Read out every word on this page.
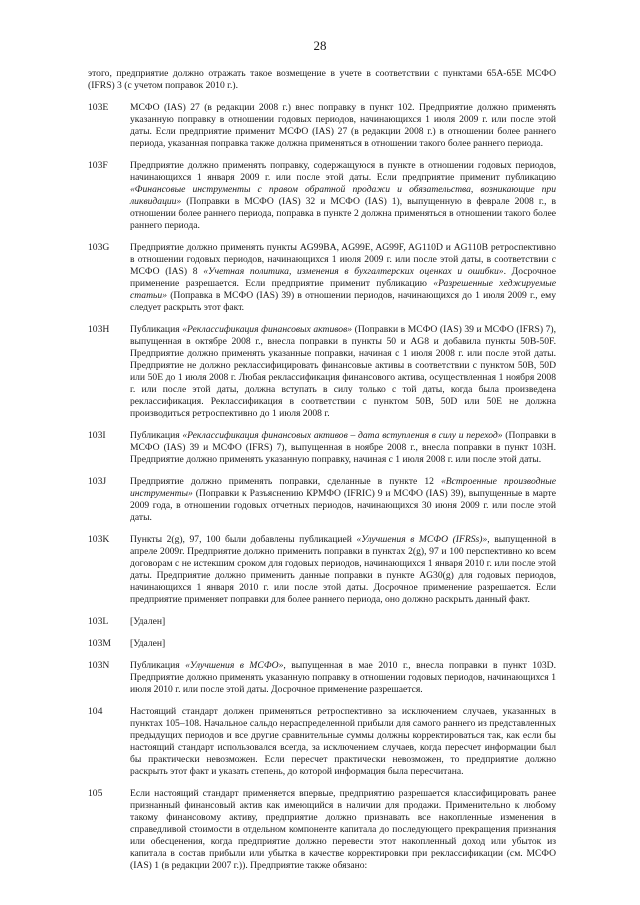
28
этого, предприятие должно отражать такое возмещение в учете в соответствии с пунктами 65А-65Е МСФО (IFRS) 3 (с учетом поправок 2010 г.).
103E	МСФО (IAS) 27 (в редакции 2008 г.) внес поправку в пункт 102. Предприятие должно применять указанную поправку в отношении годовых периодов, начинающихся 1 июля 2009 г. или после этой даты. Если предприятие применит МСФО (IAS) 27 (в редакции 2008 г.) в отношении более раннего периода, указанная поправка также должна применяться в отношении такого более раннего периода.
103F	Предприятие должно применять поправку, содержащуюся в пункте в отношении годовых периодов, начинающихся 1 января 2009 г. или после этой даты. Если предприятие применит публикацию «Финансовые инструменты с правом обратной продажи и обязательства, возникающие при ликвидации» (Поправки в МСФО (IAS) 32 и МСФО (IAS) 1), выпущенную в феврале 2008 г., в отношении более раннего периода, поправка в пункте 2 должна применяться в отношении такого более раннего периода.
103G	Предприятие должно применять пункты AG99BA, AG99E, AG99F, AG110D и AG110B ретроспективно в отношении годовых периодов, начинающихся 1 июля 2009 г. или после этой даты, в соответствии с МСФО (IAS) 8 «Учетная политика, изменения в бухгалтерских оценках и ошибки». Досрочное применение разрешается. Если предприятие применит публикацию «Разрешенные хеджируемые статьи» (Поправка в МСФО (IAS) 39) в отношении периодов, начинающихся до 1 июля 2009 г., ему следует раскрыть этот факт.
103H	Публикация «Реклассификация финансовых активов» (Поправки в МСФО (IAS) 39 и МСФО (IFRS) 7), выпущенная в октябре 2008 г., внесла поправки в пункты 50 и AG8 и добавила пункты 50B-50F. Предприятие должно применять указанные поправки, начиная с 1 июля 2008 г. или после этой даты. Предприятие не должно реклассифицировать финансовые активы в соответствии с пунктом 50B, 50D или 50E до 1 июля 2008 г. Любая реклассификация финансового актива, осуществленная 1 ноября 2008 г. или после этой даты, должна вступать в силу только с той даты, когда была произведена реклассификация. Реклассификация в соответствии с пунктом 50B, 50D или 50E не должна производиться ретроспективно до 1 июля 2008 г.
103I	Публикация «Реклассификация финансовых активов – дата вступления в силу и переход» (Поправки в МСФО (IAS) 39 и МСФО (IFRS) 7), выпущенная в ноябре 2008 г., внесла поправки в пункт 103H. Предприятие должно применять указанную поправку, начиная с 1 июля 2008 г. или после этой даты.
103J	Предприятие должно применять поправки, сделанные в пункте 12 «Встроенные производные инструменты» (Поправки к Разъяснению КРМФО (IFRIC) 9 и МСФО (IAS) 39), выпущенные в марте 2009 года, в отношении годовых отчетных периодов, начинающихся 30 июня 2009 г. или после этой даты.
103K	Пункты 2(g), 97, 100 были добавлены публикацией «Улучшения в МСФО (IFRSs)», выпущенной в апреле 2009г. Предприятие должно применить поправки в пунктах 2(g), 97 и 100 перспективно ко всем договорам с не истекшим сроком для годовых периодов, начинающихся 1 января 2010 г. или после этой даты. Предприятие должно применить данные поправки в пункте AG30(g) для годовых периодов, начинающихся 1 января 2010 г. или после этой даты. Досрочное применение разрешается. Если предприятие применяет поправки для более раннего периода, оно должно раскрыть данный факт.
103L	[Удален]
103M	[Удален]
103N	Публикация «Улучшения в МСФО», выпущенная в мае 2010 г., внесла поправки в пункт 103D. Предприятие должно применять указанную поправку в отношении годовых периодов, начинающихся 1 июля 2010 г. или после этой даты. Досрочное применение разрешается.
104	Настоящий стандарт должен применяться ретроспективно за исключением случаев, указанных в пунктах 105–108. Начальное сальдо нераспределенной прибыли для самого раннего из представленных предыдущих периодов и все другие сравнительные суммы должны корректироваться так, как если бы настоящий стандарт использовался всегда, за исключением случаев, когда пересчет информации был бы практически невозможен. Если пересчет практически невозможен, то предприятие должно раскрыть этот факт и указать степень, до которой информация была пересчитана.
105	Если настоящий стандарт применяется впервые, предприятию разрешается классифицировать ранее признанный финансовый актив как имеющийся в наличии для продажи. Применительно к любому такому финансовому активу, предприятие должно признавать все накопленные изменения в справедливой стоимости в отдельном компоненте капитала до последующего прекращения признания или обесценения, когда предприятие должно перевести этот накопленный доход или убыток из капитала в состав прибыли или убытка в качестве корректировки при реклассификации (см. МСФО (IAS) 1 (в редакции 2007 г.)). Предприятие также обязано:
